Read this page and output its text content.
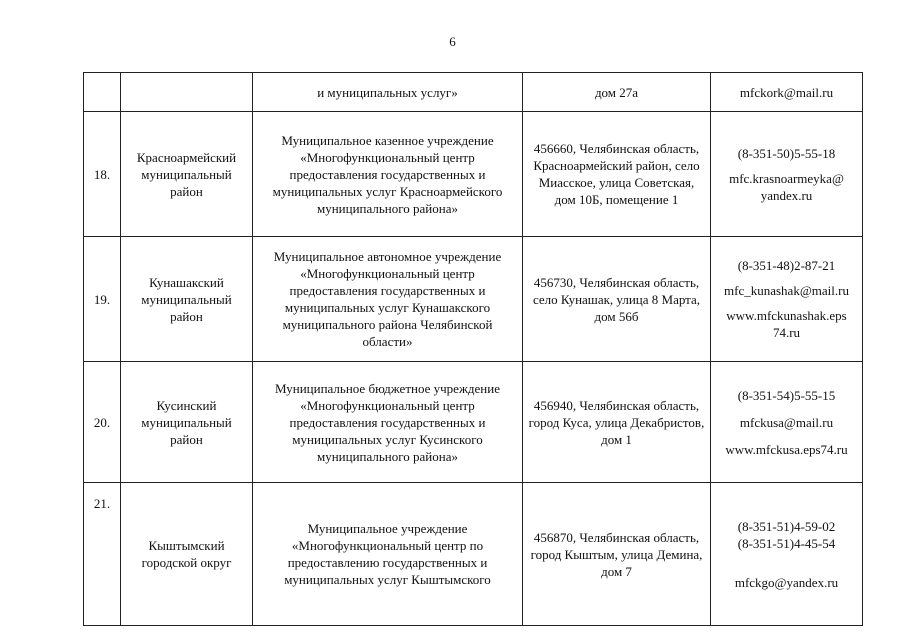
6
		и муниципальных услуг»	дом 27а	mfckork@mail.ru

18.	Красноармейский муниципальный район	Муниципальное казенное учреждение «Многофункциональный центр предоставления государственных и муниципальных услуг Красноармейского муниципального района»	456660, Челябинская область, Красноармейский район, село Миасское, улица Советская, дом 10Б, помещение 1	(8-351-50)5-55-18
mfc.krasnoarmeyka@ yandex.ru

19.	Кунашакский муниципальный район	Муниципальное автономное учреждение «Многофункциональный центр предоставления государственных и муниципальных услуг Кунашакского муниципального района Челябинской области»	456730, Челябинская область, село Кунашак, улица 8 Марта, дом 56б	(8-351-48)2-87-21
mfc_kunashak@mail.ru
www.mfckunashak.eps 74.ru

20.	Кусинский муниципальный район	Муниципальное бюджетное учреждение «Многофункциональный центр предоставления государственных и муниципальных услуг Кусинского муниципального района»	456940, Челябинская область, город Куса, улица Декабристов, дом 1	(8-351-54)5-55-15
mfckusa@mail.ru
www.mfckusa.eps74.ru

21.	Кыштымский городской округ	Муниципальное учреждение «Многофункциональный центр по предоставлению государственных и муниципальных услуг Кыштымского	456870, Челябинская область, город Кыштым, улица Демина, дом 7	(8-351-51)4-59-02
(8-351-51)4-45-54
mfckgo@yandex.ru
